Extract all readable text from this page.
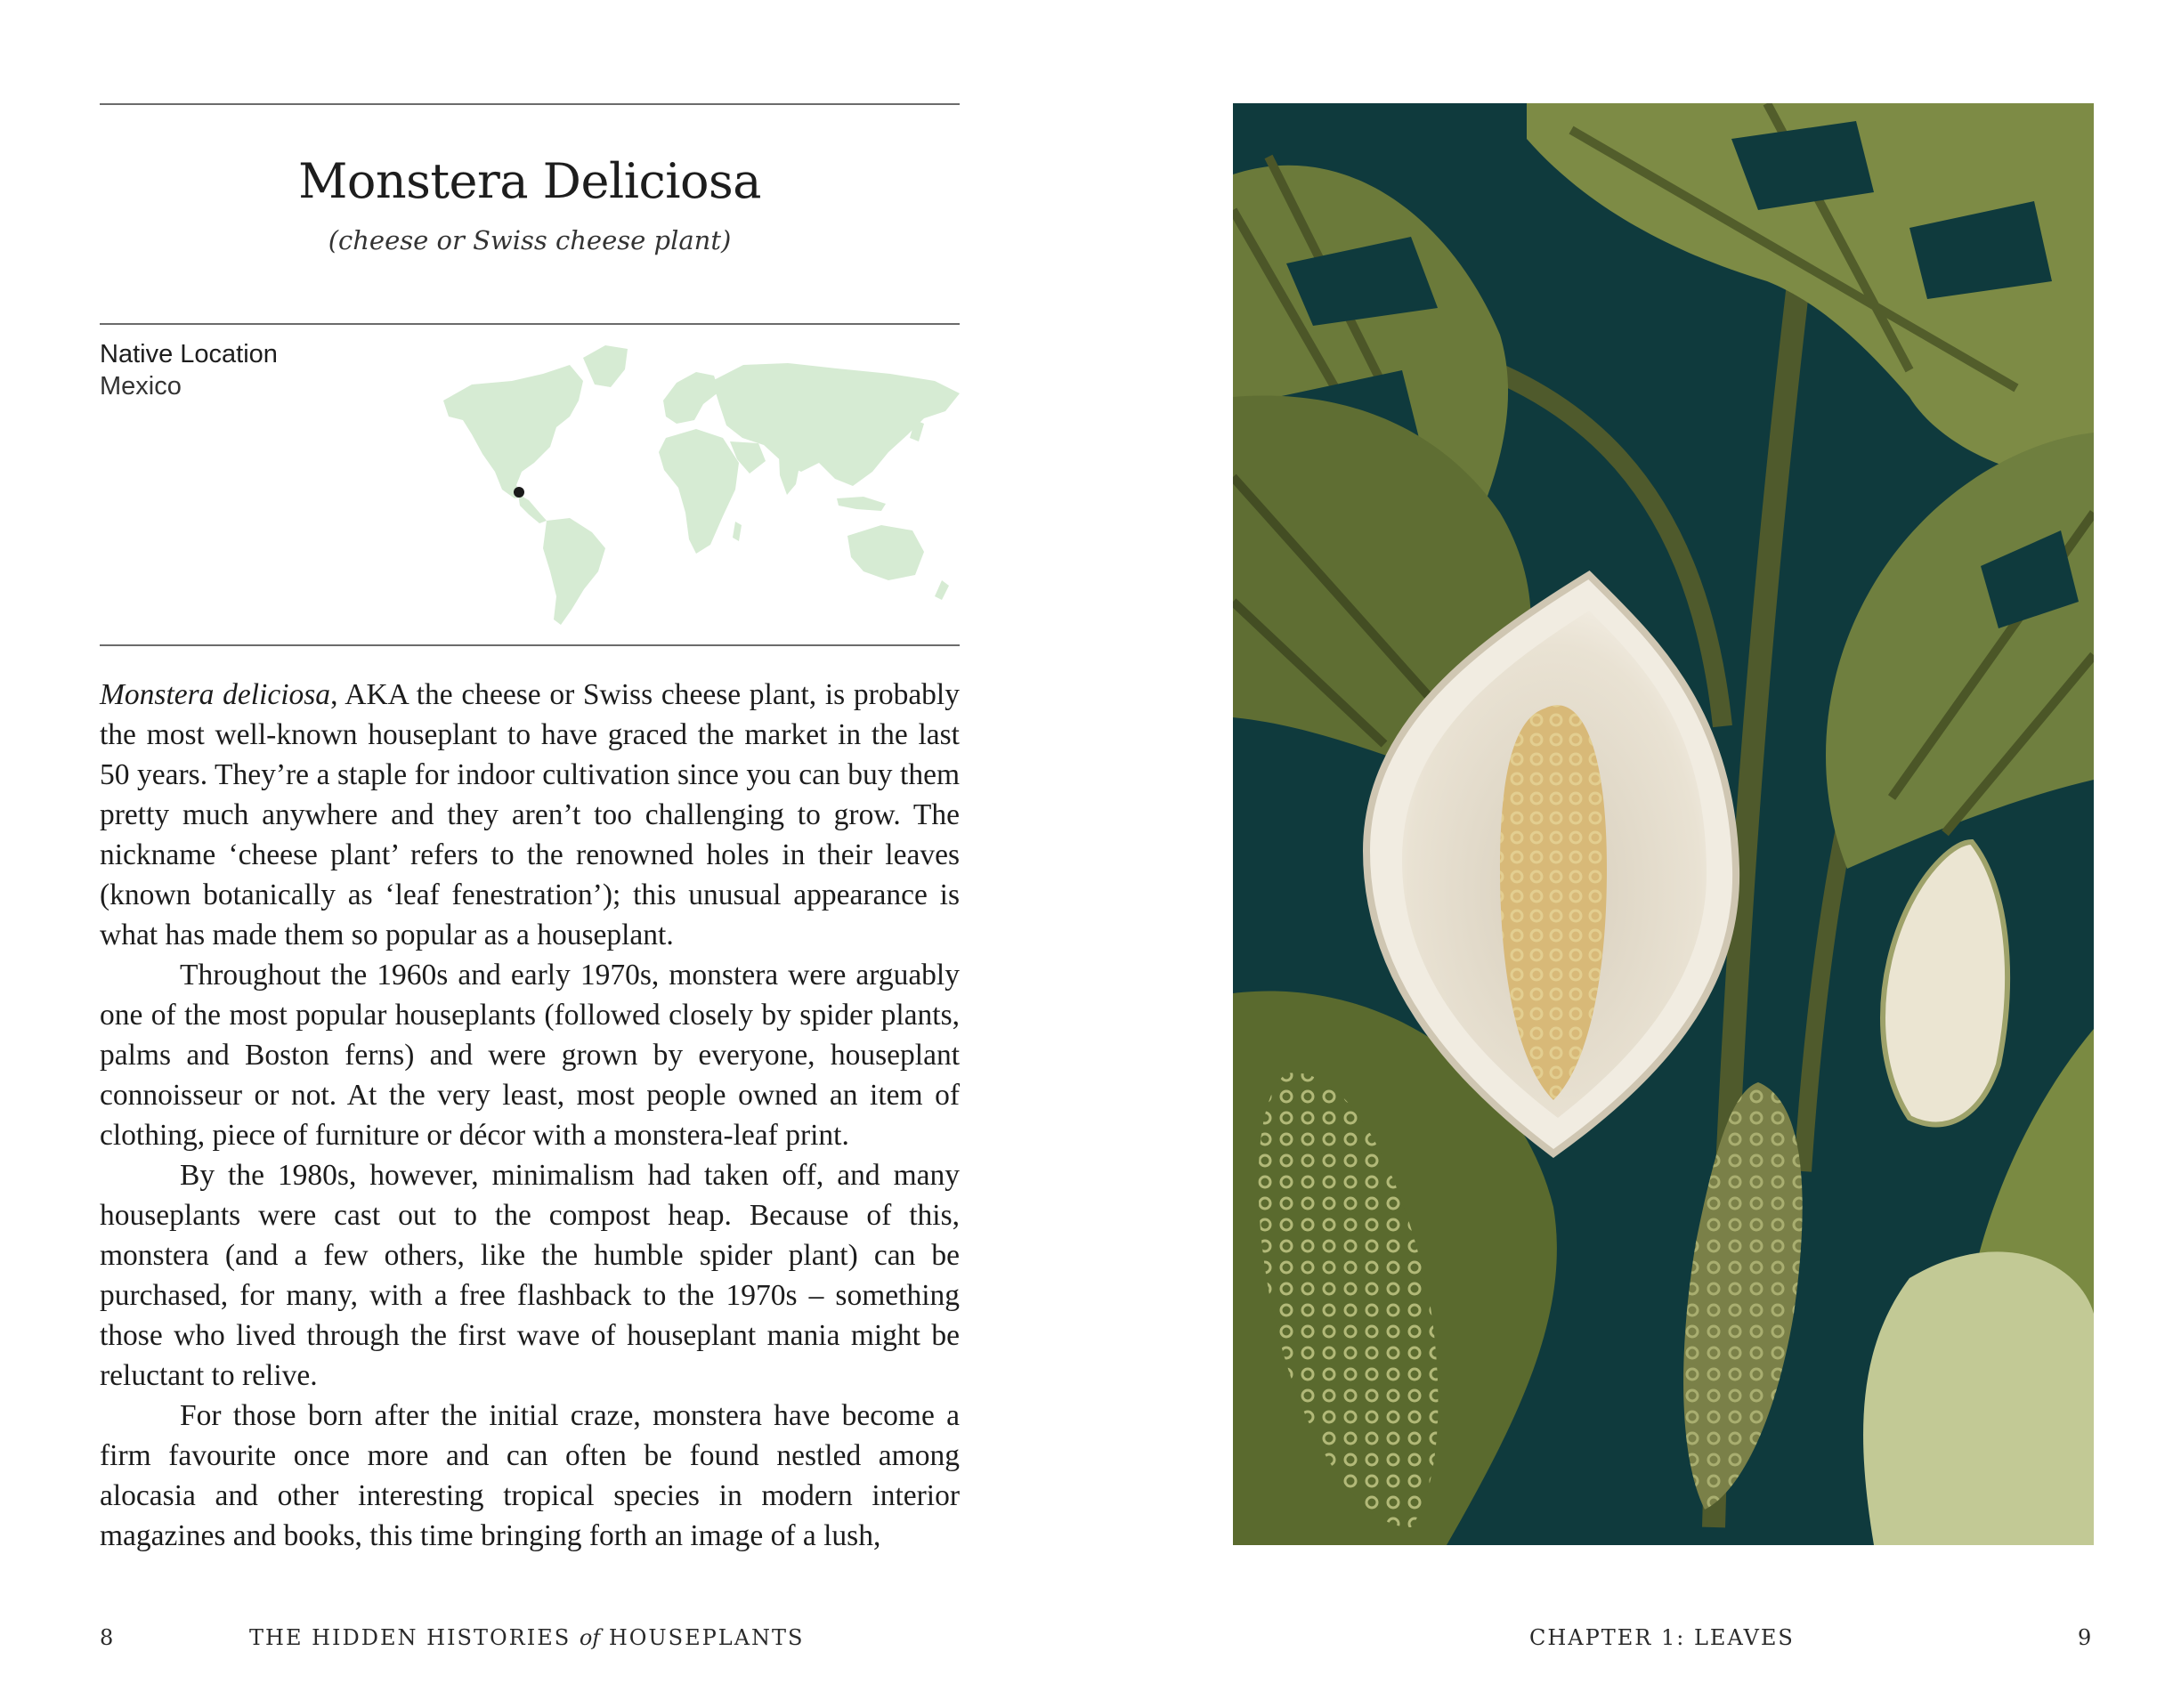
Monstera Deliciosa
(cheese or Swiss cheese plant)
Native Location
Mexico

Monstera deliciosa, AKA the cheese or Swiss cheese plant, is probably the most well-known houseplant to have graced the market in the last 50 years. They’re a staple for indoor cultivation since you can buy them pretty much anywhere and they aren’t too challenging to grow. The nickname ‘cheese plant’ refers to the renowned holes in their leaves (known botanically as ‘leaf fenestration’); this unusual appearance is what has made them so popular as a houseplant.

Throughout the 1960s and early 1970s, monstera were arguably one of the most popular houseplants (followed closely by spider plants, palms and Boston ferns) and were grown by everyone, houseplant connoisseur or not. At the very least, most people owned an item of clothing, piece of furniture or décor with a monstera-leaf print.

By the 1980s, however, minimalism had taken off, and many houseplants were cast out to the compost heap. Because of this, monstera (and a few others, like the humble spider plant) can be purchased, for many, with a free flashback to the 1970s – something those who lived through the first wave of houseplant mania might be reluctant to relive.

For those born after the initial craze, monstera have become a firm favourite once more and can often be found nestled among alocasia and other interesting tropical species in modern interior magazines and books, this time bringing forth an image of a lush,

8	THE HIDDEN HISTORIES of HOUSEPLANTS	CHAPTER 1: LEAVES	9
